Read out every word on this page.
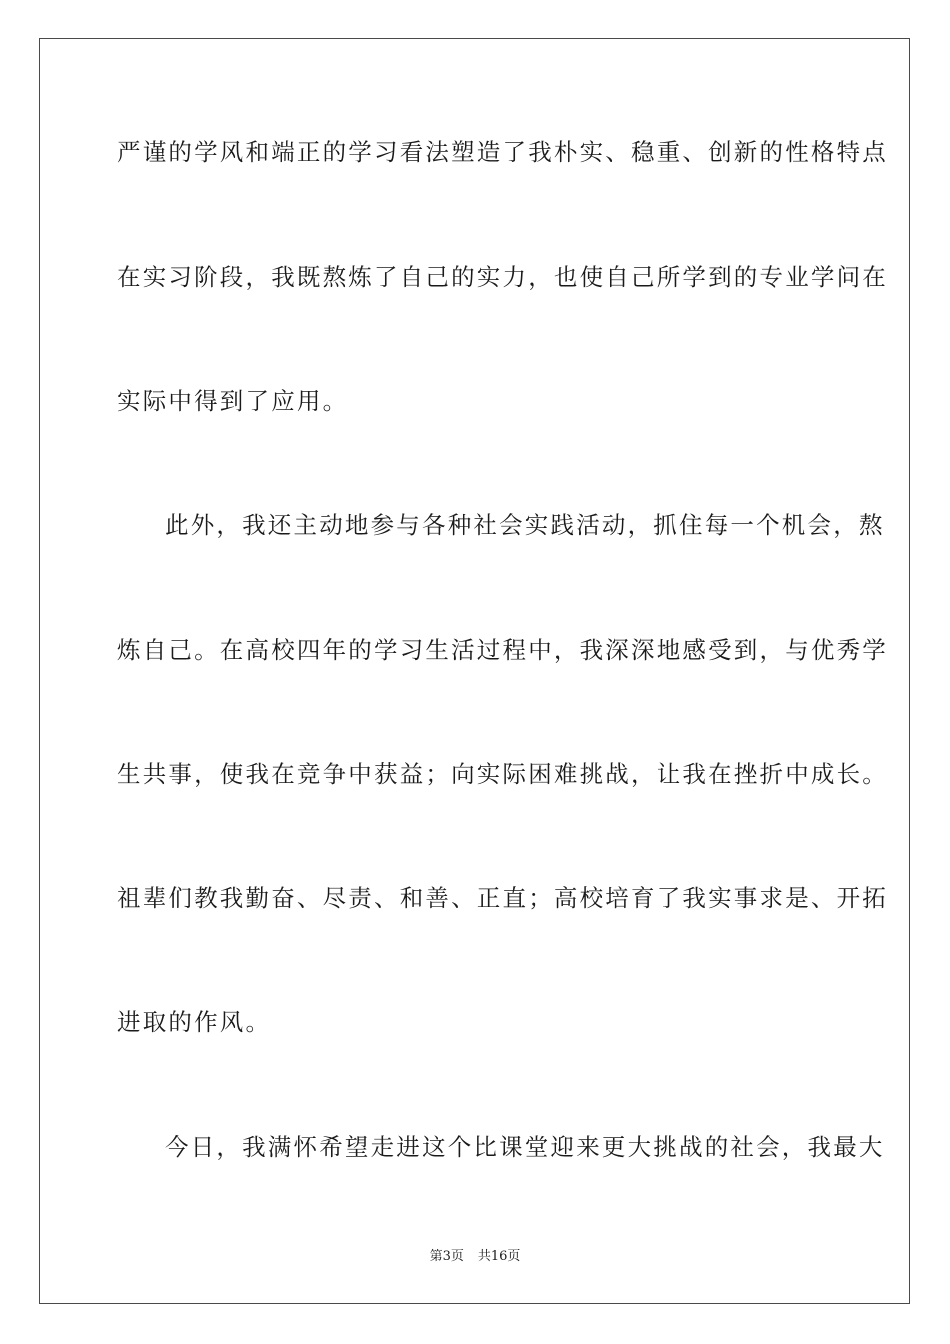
严谨的学风和端正的学习看法塑造了我朴实、稳重、创新的性格特点
在实习阶段，我既熬炼了自己的实力，也使自己所学到的专业学问在
实际中得到了应用。
此外，我还主动地参与各种社会实践活动，抓住每一个机会，熬
炼自己。在高校四年的学习生活过程中，我深深地感受到，与优秀学
生共事，使我在竞争中获益；向实际困难挑战，让我在挫折中成长。
祖辈们教我勤奋、尽责、和善、正直；高校培育了我实事求是、开拓
进取的作风。
今日，我满怀希望走进这个比课堂迎来更大挑战的社会，我最大
第3页 共16页
